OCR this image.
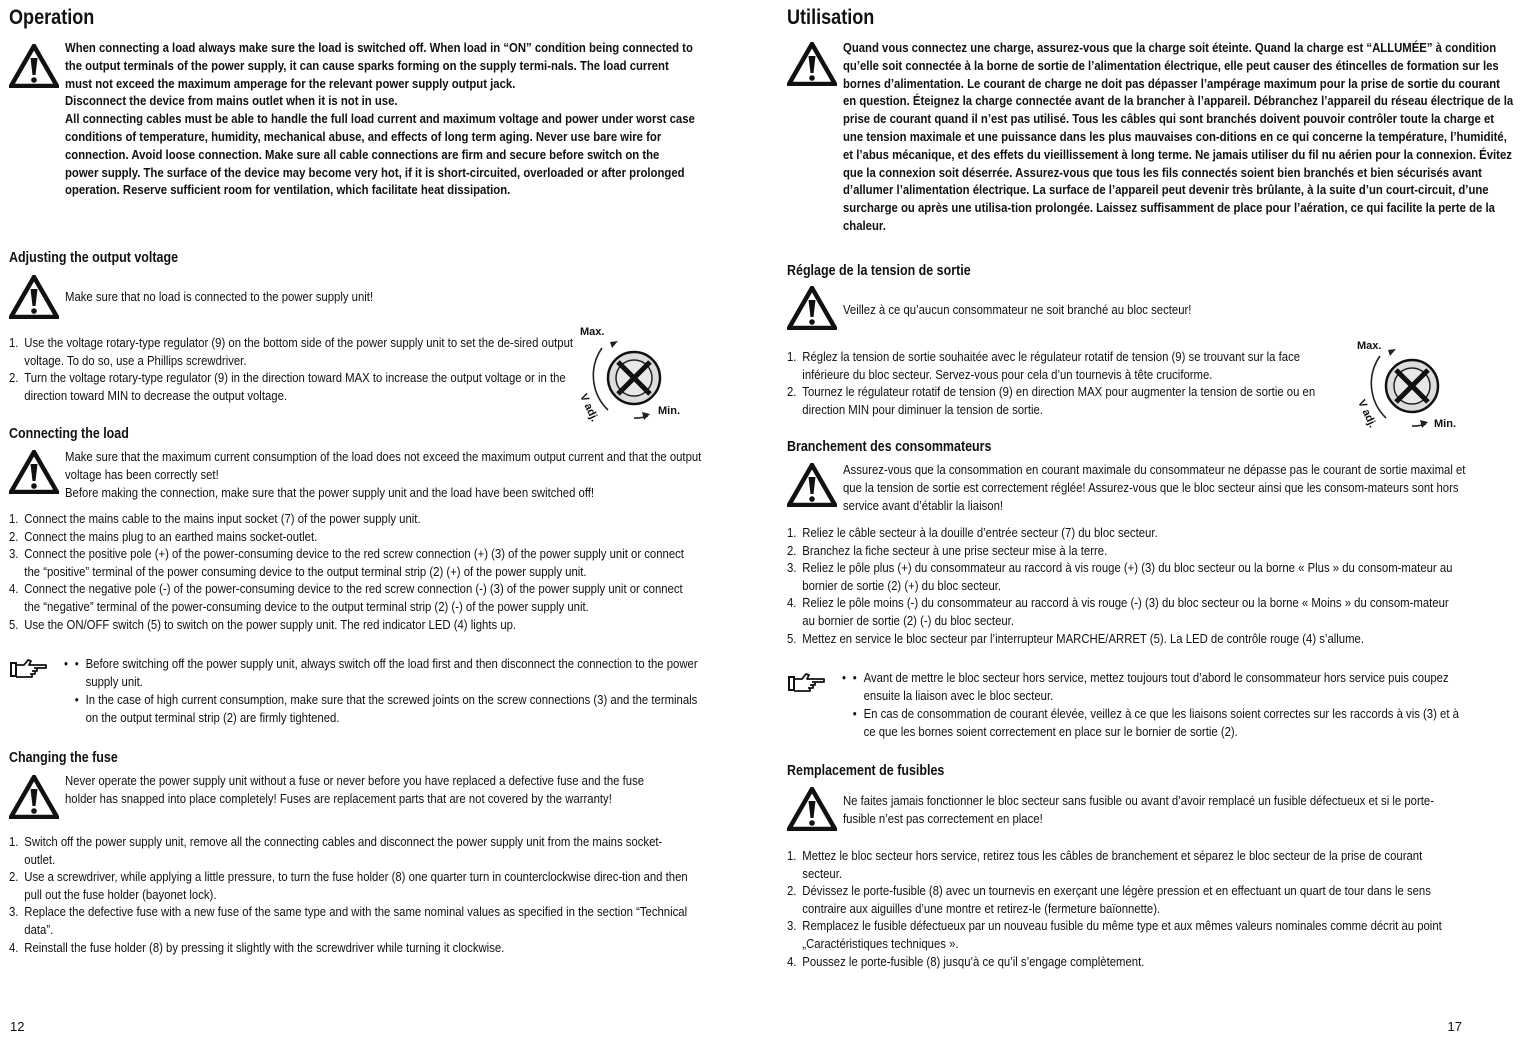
Operation

When connecting a load always make sure the load is switched off. When load in “ON” condition being connected to the output terminals of the power supply, it can cause sparks forming on the supply termi-nals. The load current must not exceed the maximum amperage for the relevant power supply output jack.

Disconnect the device from mains outlet when it is not in use.

All connecting cables must be able to handle the full load current and maximum voltage and power under worst case conditions of temperature, humidity, mechanical abuse, and effects of long term aging. Never use bare wire for connection. Avoid loose connection. Make sure all cable connections are firm and secure before switch on the power supply. The surface of the device may become very hot, if it is short-circuited, overloaded or after prolonged operation. Reserve sufficient room for ventilation, which facilitate heat dissipation.

Adjusting the output voltage

Make sure that no load is connected to the power supply unit!

1. Use the voltage rotary-type regulator (9) on the bottom side of the power supply unit to set the de-sired output voltage. To do so, use a Phillips screwdriver.
2. Turn the voltage rotary-type regulator (9) in the direction toward MAX to increase the output voltage or in the direction toward MIN to decrease the output voltage.
Max.
Min.
V adj.
Connecting the load

Make sure that the maximum current consumption of the load does not exceed the maximum output current and that the output voltage has been correctly set!

Before making the connection, make sure that the power supply unit and the load have been switched off!

1. Connect the mains cable to the mains input socket (7) of the power supply unit.
2. Connect the mains plug to an earthed mains socket-outlet.
3. Connect the positive pole (+) of the power-consuming device to the red screw connection (+) (3) of the power supply unit or connect the “positive” terminal of the power consuming device to the output terminal strip (2) (+) of the power supply unit.
4. Connect the negative pole (-) of the power-consuming device to the red screw connection (-) (3) of the power supply unit or connect the “negative” terminal of the power-consuming device to the output terminal strip (2) (-) of the power supply unit.
5. Use the ON/OFF switch (5) to switch on the power supply unit. The red indicator LED (4) lights up.
• • Before switching off the power supply unit, always switch off the load first and then disconnect the connection to the power supply unit.
• In the case of high current consumption, make sure that the screwed joints on the screw connections (3) and the terminals on the output terminal strip (2) are firmly tightened.
Changing the fuse

Never operate the power supply unit without a fuse or never before you have replaced a defective fuse and the fuse holder has snapped into place completely! Fuses are replacement parts that are not covered by the warranty!

1. Switch off the power supply unit, remove all the connecting cables and disconnect the power supply unit from the mains socket-outlet.
2. Use a screwdriver, while applying a little pressure, to turn the fuse holder (8) one quarter turn in counterclockwise direc-tion and then pull out the fuse holder (bayonet lock).
3. Replace the defective fuse with a new fuse of the same type and with the same nominal values as specified in the section “Technical data”.
4. Reinstall the fuse holder (8) by pressing it slightly with the screwdriver while turning it clockwise.
12
Utilisation

Quand vous connectez une charge, assurez-vous que la charge soit éteinte. Quand la charge est “ALLUMÉE” à condition qu’elle soit connectée à la borne de sortie de l’alimentation électrique, elle peut causer des étincelles de formation sur les bornes d’alimentation. Le courant de charge ne doit pas dépasser l’ampérage maximum pour la prise de sortie du courant en question. Éteignez la charge connectée avant de la brancher à l’appareil. Débranchez l’appareil du réseau électrique de la prise de courant quand il n’est pas utilisé. Tous les câbles qui sont branchés doivent pouvoir contrôler toute la charge et une tension maximale et une puissance dans les plus mauvaises con-ditions en ce qui concerne la température, l’humidité, et l’abus mécanique, et des effets du vieillissement à long terme. Ne jamais utiliser du fil nu aérien pour la connexion. Évitez que la connexion soit déserrée. Assurez-vous que tous les fils connectés soient bien branchés et bien sécurisés avant d’allumer l’alimentation électrique. La surface de l’appareil peut devenir très brûlante, à la suite d’un court-circuit, d’une surcharge ou après une utilisa-tion prolongée. Laissez suffisamment de place pour l’aération, ce qui facilite la perte de la chaleur.

Réglage de la tension de sortie

Veillez à ce qu’aucun consommateur ne soit branché au bloc secteur!

1. Réglez la tension de sortie souhaitée avec le régulateur rotatif de tension (9) se trouvant sur la face inférieure du bloc secteur. Servez-vous pour cela d’un tournevis à tête cruciforme.
2. Tournez le régulateur rotatif de tension (9) en direction MAX pour augmenter la tension de sortie ou en direction MIN pour diminuer la tension de sortie.
Max.
Min.
V adj.
Branchement des consommateurs

Assurez-vous que la consommation en courant maximale du consommateur ne dépasse pas le courant de sortie maximal et que la tension de sortie est correctement réglée! Assurez-vous que le bloc secteur ainsi que les consom-mateurs sont hors service avant d’établir la liaison!

1. Reliez le câble secteur à la douille d’entrée secteur (7) du bloc secteur.
2. Branchez la fiche secteur à une prise secteur mise à la terre.
3. Reliez le pôle plus (+) du consommateur au raccord à vis rouge (+) (3) du bloc secteur ou la borne « Plus » du consom-mateur au bornier de sortie (2) (+) du bloc secteur.
4. Reliez le pôle moins (-) du consommateur au raccord à vis rouge (-) (3) du bloc secteur ou la borne « Moins » du consom-mateur au bornier de sortie (2) (-) du bloc secteur.
5. Mettez en service le bloc secteur par l’interrupteur MARCHE/ARRET (5). La LED de contrôle rouge (4) s’allume.
• • Avant de mettre le bloc secteur hors service, mettez toujours tout d’abord le consommateur hors service puis coupez ensuite la liaison avec le bloc secteur.
• En cas de consommation de courant élevée, veillez à ce que les liaisons soient correctes sur les raccords à vis (3) et à ce que les bornes soient correctement en place sur le bornier de sortie (2).
Remplacement de fusibles

Ne faites jamais fonctionner le bloc secteur sans fusible ou avant d’avoir remplacé un fusible défectueux et si le porte-fusible n’est pas correctement en place!

1. Mettez le bloc secteur hors service, retirez tous les câbles de branchement et séparez le bloc secteur de la prise de courant secteur.
2. Dévissez le porte-fusible (8) avec un tournevis en exerçant une légère pression et en effectuant un quart de tour dans le sens contraire aux aiguilles d’une montre et retirez-le (fermeture baïonnette).
3. Remplacez le fusible défectueux par un nouveau fusible du même type et aux mêmes valeurs nominales comme décrit au point „Caractéristiques techniques ».
4. Poussez le porte-fusible (8) jusqu’à ce qu’il s’engage complètement.
17
